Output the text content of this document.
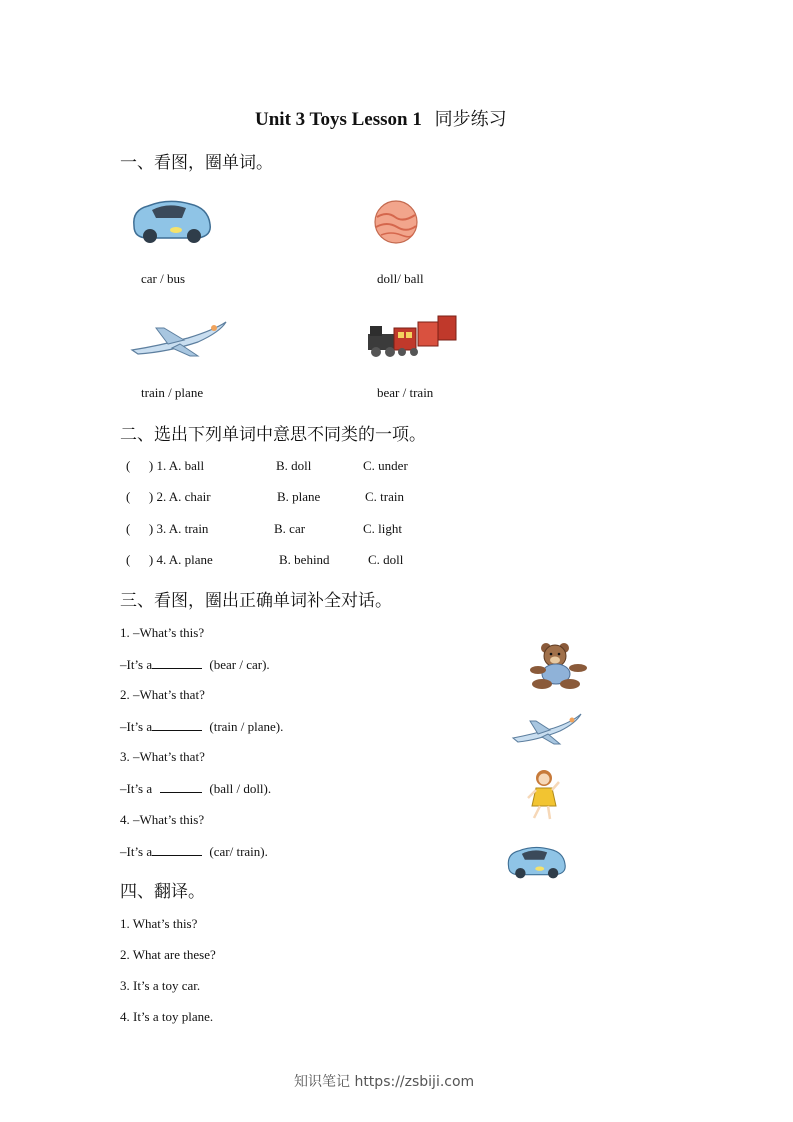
Unit 3 Toys Lesson 1 同步练习
一、看图，圈单词。
car / bus	doll/ ball
train / plane	bear / train
二、选出下列单词中意思不同类的一项。
( ) 1. A. ball	B. doll	C. under
( ) 2. A. chair	B. plane	C. train
( ) 3. A. train	B. car	C. light
( ) 4. A. plane	B. behind	C. doll
三、看图，圈出正确单词补全对话。
1. –What’s this?
–It’s a	(bear / car).
2. –What’s that?
–It’s a	(train / plane).
3. –What’s that?
–It’s a	(ball / doll).
4. –What’s this?
–It’s a	(car/ train).
四、翻译。
1. What’s this?
2. What are these?
3. It’s a toy car.
4. It’s a toy plane.
知识笔记 https://zsbiji.com
